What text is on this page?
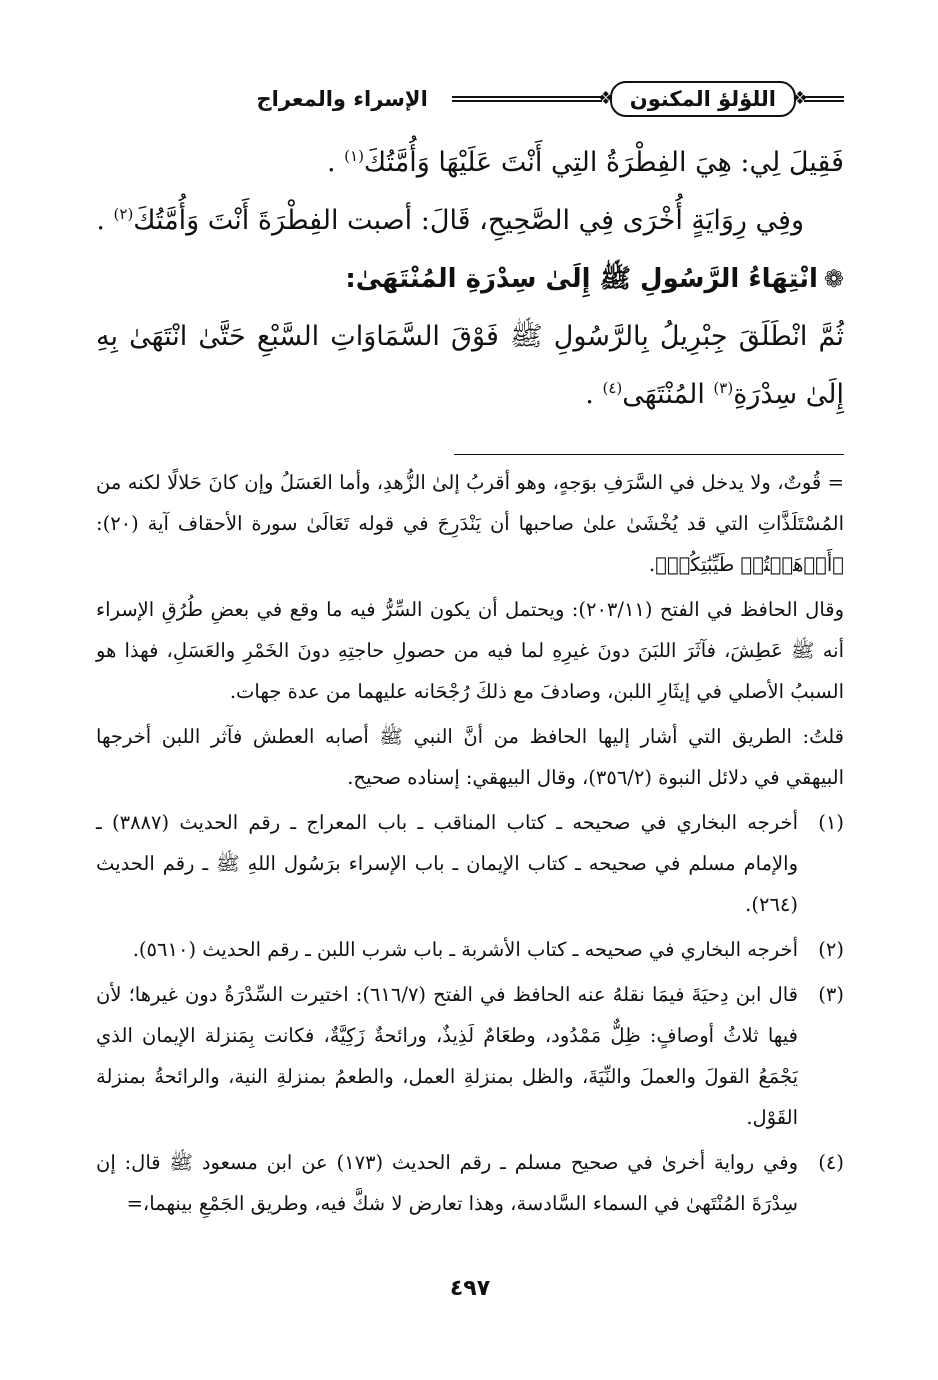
❖ اللؤلؤ المكنون ❖
الإسراء والمعراج

فَقِيلَ لِي: هِيَ الفِطْرَةُ التِي أَنْتَ عَلَيْهَا وَأُمَّتُكَ$^{(١)}$ .

وفِي رِوَايَةٍ أُخْرَى فِي الصَّحِيحِ، قَالَ: أصبت الفِطْرَةَ أَنْتَ وَأُمَّتُكَ$^{(٢)}$ .

❁انْتِهَاءُ الرَّسُولِ ﷺ إِلَىٰ سِدْرَةِ المُنْتَهَىٰ:

ثُمَّ انْطَلَقَ جِبْرِيلُ بِالرَّسُولِ ﷺ فَوْقَ السَّمَاوَاتِ السَّبْعِ حَتَّىٰ انْتَهَىٰ بِهِ إِلَىٰ سِدْرَةِ$^{(٣)}$ المُنْتَهَى$^{(٤)}$ .

= قُوتٌ، ولا يدخل في السَّرَفِ بوَجهٍ، وهو أقربُ إلىٰ الزُّهدِ، وأما العَسَلُ وإن كانَ حَلالًا لكنه من المُسْتَلَذَّاتِ التي قد يُخْشَىٰ علىٰ صاحبها أن يَنْدَرِجَ في قوله تَعَالَىٰ سورة الأحقاف آية (٢٠): ﴿أَذۡهَبۡتُمۡ طَيِّبَٰتِكُمۡ﴾.

وقال الحافظ في الفتح (٢٠٣/١١): ويحتمل أن يكون السِّرُّ فيه ما وقع في بعضِ طُرُقِ الإسراء أنه ﷺ عَطِشَ، فآثَرَ اللبَنَ دونَ غيرِهِ لما فيه من حصولِ حاجتِهِ دونَ الخَمْرِ والعَسَلِ، فهذا هو السببُ الأصلي في إيثَارِ اللبن، وصادفَ مع ذلكَ رُجْحَانه عليهما من عدة جهات.

قلتُ: الطريق التي أشار إليها الحافظ من أنَّ النبي ﷺ أصابه العطش فآثر اللبن أخرجها البيهقي في دلائل النبوة (٣٥٦/٢)، وقال البيهقي: إسناده صحيح.

(١)
أخرجه البخاري في صحيحه ـ كتاب المناقب ـ باب المعراج ـ رقم الحديث (٣٨٨٧) ـ والإمام مسلم في صحيحه ـ كتاب الإيمان ـ باب الإسراء برَسُول اللهِ ﷺ ـ رقم الحديث (٢٦٤).

(٢)
أخرجه البخاري في صحيحه ـ كتاب الأشربة ـ باب شرب اللبن ـ رقم الحديث (٥٦١٠).

(٣)
قال ابن دِحيَةَ فيمَا نقلهُ عنه الحافظ في الفتح (٦١٦/٧): اختيرت السِّدْرَةُ دون غيرها؛ لأن فيها ثلاثُ أوصافٍ: ظِلٌّ مَمْدُود، وطعَامٌ لَذِيذٌ، ورائحةٌ زَكِيَّةٌ، فكانت بِمَنزلة الإيمان الذي يَجْمَعُ القولَ والعملَ والنِّيَةَ، والظل بمنزلةِ العمل، والطعمُ بمنزلةِ النية، والرائحةُ بمنزلة القَوْل.

(٤)
وفي رواية أخرىٰ في صحيح مسلم ـ رقم الحديث (١٧٣) عن ابن مسعود ﷺ قال: إن سِدْرَةَ المُنْتَهىٰ في السماء السَّادسة، وهذا تعارض لا شكَّ فيه، وطريق الجَمْعِ بينهما،=

٤٩٧
